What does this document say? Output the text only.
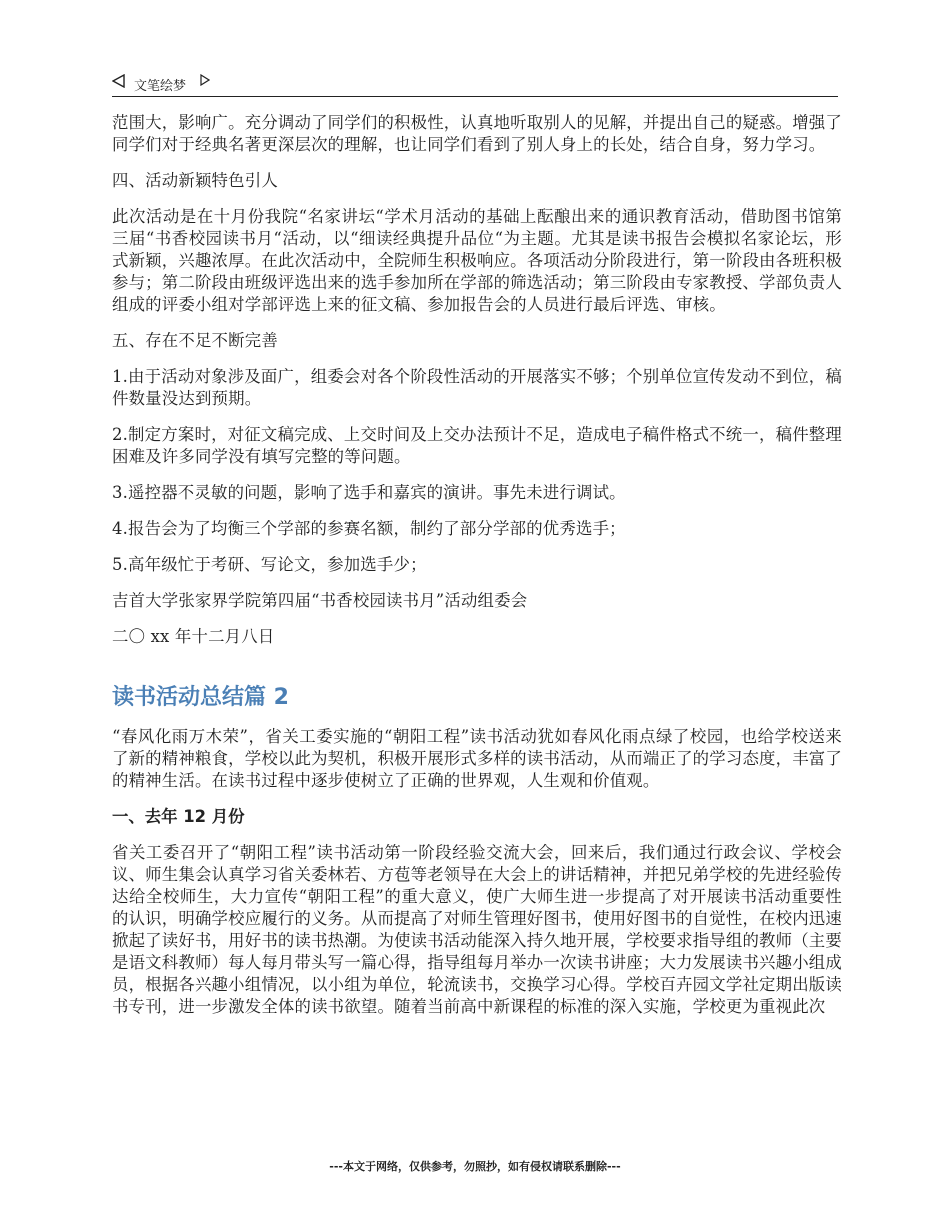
文笔绘梦

范围大，影响广。充分调动了同学们的积极性，认真地听取别人的见解，并提出自己的疑惑。增强了同学们对于经典名著更深层次的理解，也让同学们看到了别人身上的长处，结合自身，努力学习。

四、活动新颖特色引人

此次活动是在十月份我院“名家讲坛“学术月活动的基础上酝酿出来的通识教育活动，借助图书馆第三届“书香校园读书月“活动，以“细读经典提升品位“为主题。尤其是读书报告会模拟名家论坛，形式新颖，兴趣浓厚。在此次活动中，全院师生积极响应。各项活动分阶段进行，第一阶段由各班积极参与；第二阶段由班级评选出来的选手参加所在学部的筛选活动；第三阶段由专家教授、学部负责人组成的评委小组对学部评选上来的征文稿、参加报告会的人员进行最后评选、审核。

五、存在不足不断完善

1.由于活动对象涉及面广，组委会对各个阶段性活动的开展落实不够；个别单位宣传发动不到位，稿件数量没达到预期。

2.制定方案时，对征文稿完成、上交时间及上交办法预计不足，造成电子稿件格式不统一，稿件整理困难及许多同学没有填写完整的等问题。

3.遥控器不灵敏的问题，影响了选手和嘉宾的演讲。事先未进行调试。

4.报告会为了均衡三个学部的参赛名额，制约了部分学部的优秀选手；

5.高年级忙于考研、写论文，参加选手少；

吉首大学张家界学院第四届“书香校园读书月”活动组委会

二〇 xx 年十二月八日

读书活动总结篇 2

“春风化雨万木荣”，省关工委实施的“朝阳工程”读书活动犹如春风化雨点绿了校园，也给学校送来了新的精神粮食，学校以此为契机，积极开展形式多样的读书活动，从而端正了的学习态度，丰富了的精神生活。在读书过程中逐步使树立了正确的世界观，人生观和价值观。

一、去年 12 月份

省关工委召开了“朝阳工程”读书活动第一阶段经验交流大会，回来后，我们通过行政会议、学校会议、师生集会认真学习省关委林若、方苞等老领导在大会上的讲话精神，并把兄弟学校的先进经验传达给全校师生，大力宣传“朝阳工程”的重大意义，使广大师生进一步提高了对开展读书活动重要性的认识，明确学校应履行的义务。从而提高了对师生管理好图书，使用好图书的自觉性，在校内迅速掀起了读好书，用好书的读书热潮。为使读书活动能深入持久地开展，学校要求指导组的教师（主要是语文科教师）每人每月带头写一篇心得，指导组每月举办一次读书讲座；大力发展读书兴趣小组成员，根据各兴趣小组情况，以小组为单位，轮流读书，交换学习心得。学校百卉园文学社定期出版读书专刊，进一步激发全体的读书欲望。随着当前高中新课程的标准的深入实施，学校更为重视此次

---本文于网络，仅供参考，勿照抄，如有侵权请联系删除---
